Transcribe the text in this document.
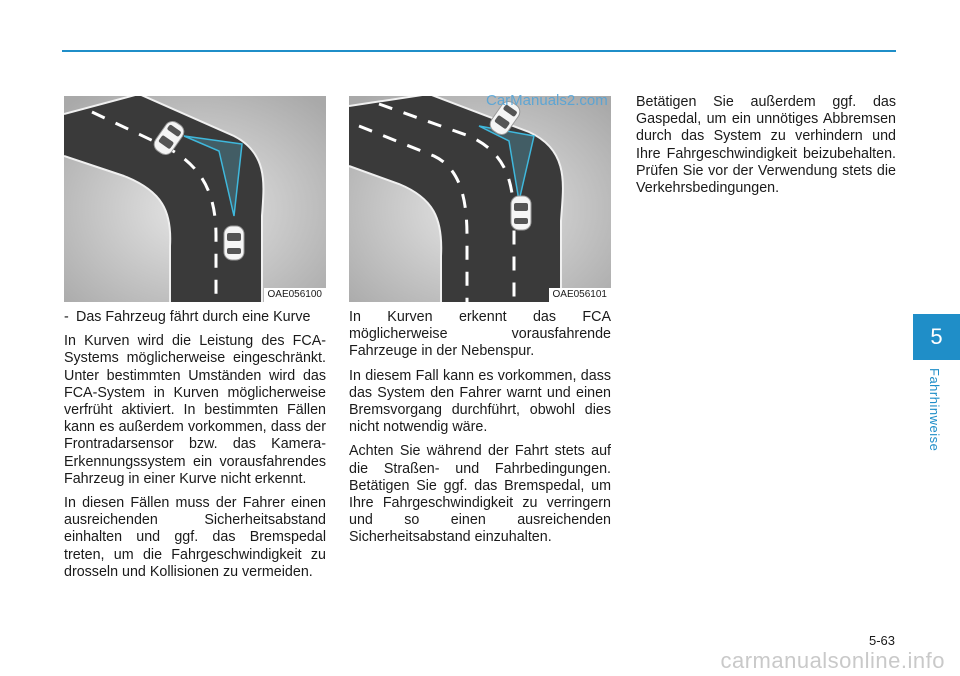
5
Fahrhinweise
OAE056100	OAE056101
CarManuals2.com
- Das Fahrzeug fährt durch eine Kurve

In Kurven wird die Leistung des FCA-Systems möglicherweise eingeschränkt. Unter bestimmten Umständen wird das FCA-System in Kurven möglicherweise verfrüht aktiviert. In bestimmten Fällen kann es außerdem vorkommen, dass der Frontradarsensor bzw. das Kamera-Erkennungssystem ein vorausfahrendes Fahrzeug in einer Kurve nicht erkennt.

In diesen Fällen muss der Fahrer einen ausreichenden Sicherheitsabstand einhalten und ggf. das Bremspedal treten, um die Fahrgeschwindigkeit zu drosseln und Kollisionen zu vermeiden.

In Kurven erkennt das FCA möglicherweise vorausfahrende Fahrzeuge in der Nebenspur.

In diesem Fall kann es vorkommen, dass das System den Fahrer warnt und einen Bremsvorgang durchführt, obwohl dies nicht notwendig wäre.

Achten Sie während der Fahrt stets auf die Straßen- und Fahrbedingungen. Betätigen Sie ggf. das Bremspedal, um Ihre Fahrgeschwindigkeit zu verringern und so einen ausreichenden Sicherheitsabstand einzuhalten.

Betätigen Sie außerdem ggf. das Gaspedal, um ein unnötiges Abbremsen durch das System zu verhindern und Ihre Fahrgeschwindigkeit beizubehalten. Prüfen Sie vor der Verwendung stets die Verkehrsbedingungen.

5-63
carmanualsonline.info
